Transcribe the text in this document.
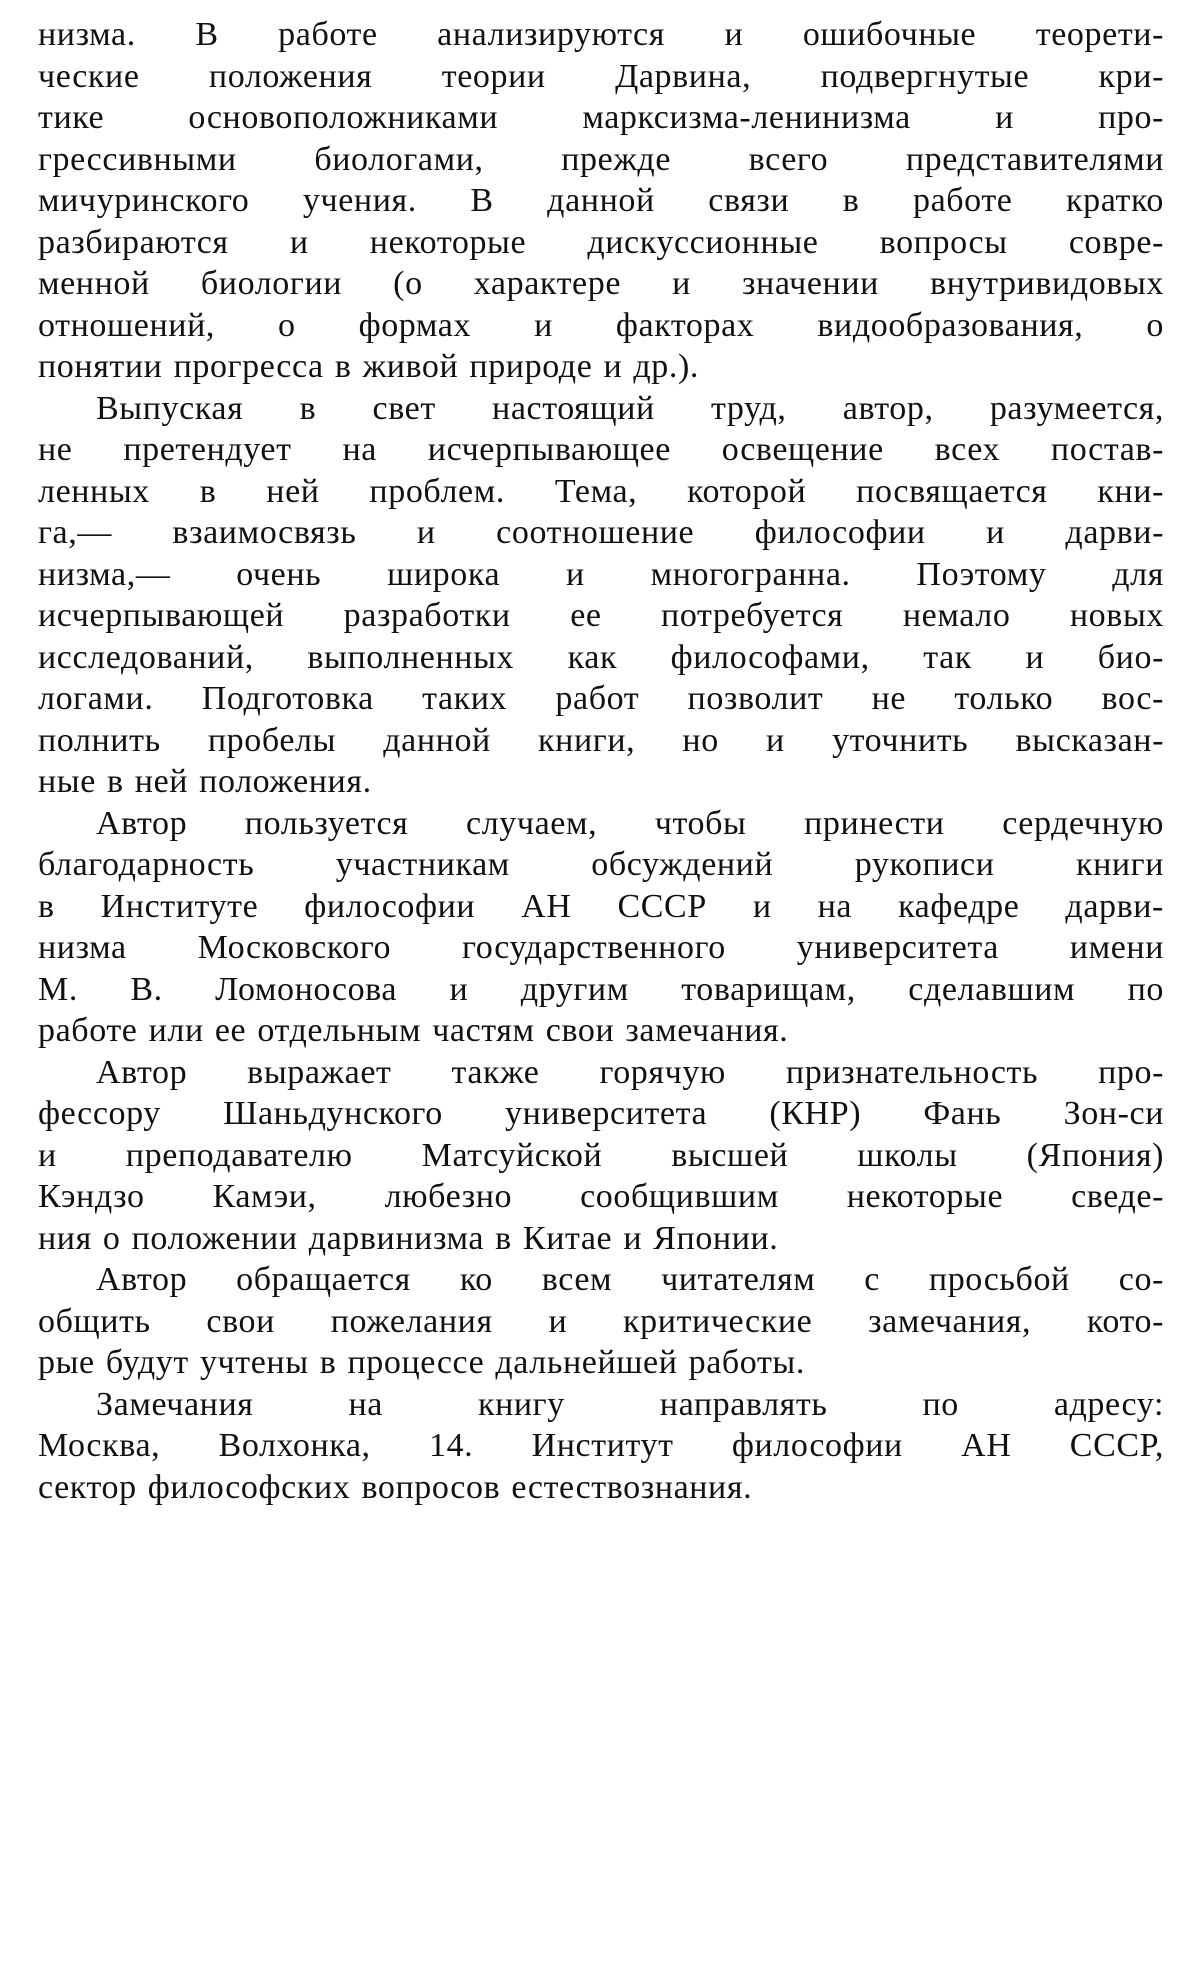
низма. В работе анализируются и ошибочные теорети-
ческие положения теории Дарвина, подвергнутые кри-
тике основоположниками марксизма-ленинизма и про-
грессивными биологами, прежде всего представителями
мичуринского учения. В данной связи в работе кратко
разбираются и некоторые дискуссионные вопросы совре-
менной биологии (о характере и значении внутривидовых
отношений, о формах и факторах видообразования, о
понятии прогресса в живой природе и др.).
Выпуская в свет настоящий труд, автор, разумеется,
не претендует на исчерпывающее освещение всех постав-
ленных в ней проблем. Тема, которой посвящается кни-
га,— взаимосвязь и соотношение философии и дарви-
низма,— очень широка и многогранна. Поэтому для
исчерпывающей разработки ее потребуется немало новых
исследований, выполненных как философами, так и био-
логами. Подготовка таких работ позволит не только вос-
полнить пробелы данной книги, но и уточнить высказан-
ные в ней положения.
Автор пользуется случаем, чтобы принести сердечную
благодарность участникам обсуждений рукописи книги
в Институте философии АН СССР и на кафедре дарви-
низма Московского государственного университета имени
М. В. Ломоносова и другим товарищам, сделавшим по
работе или ее отдельным частям свои замечания.
Автор выражает также горячую признательность про-
фессору Шаньдунского университета (КНР) Фань Зон-си
и преподавателю Матсуйской высшей школы (Япония)
Кэндзо Камэи, любезно сообщившим некоторые сведе-
ния о положении дарвинизма в Китае и Японии.
Автор обращается ко всем читателям с просьбой со-
общить свои пожелания и критические замечания, кото-
рые будут учтены в процессе дальнейшей работы.
Замечания на книгу направлять по адресу:
Москва, Волхонка, 14. Институт философии АН СССР,
сектор философских вопросов естествознания.
